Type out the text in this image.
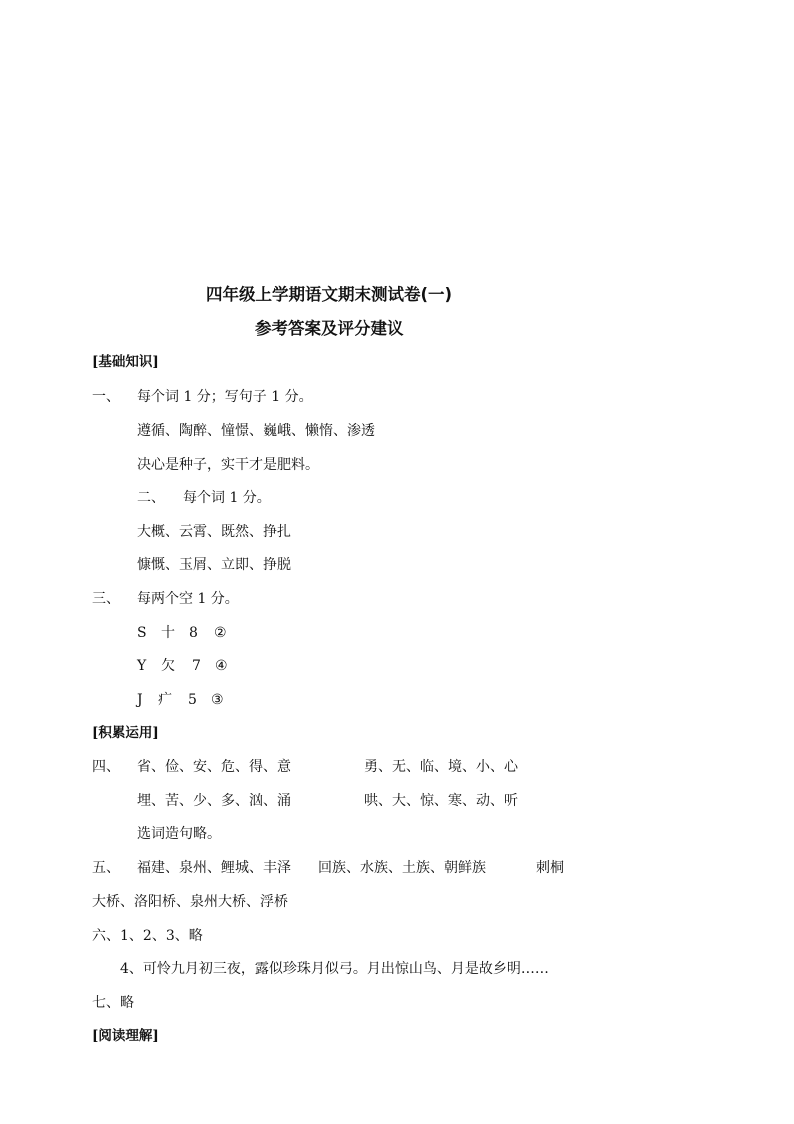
四年级上学期语文期末测试卷(一)
参考答案及评分建议
[基础知识]
一、 每个词 1 分；写句子 1 分。
遵循、陶醉、憧憬、巍峨、懒惰、渗透
决心是种子，实干才是肥料。
二、 每个词 1 分。
大概、云霄、既然、挣扎
慷慨、玉屑、立即、挣脱
三、 每两个空 1 分。
S 十 8 ②
Y 欠 7 ④
J 疒 5 ③
[积累运用]
四、 省、俭、安、危、得、意	勇、无、临、境、小、心
埋、苦、少、多、汹、涌	哄、大、惊、寒、动、听
选词造句略。
五、 福建、泉州、鲤城、丰泽 回族、水族、土族、朝鲜族	刺桐
大桥、洛阳桥、泉州大桥、浮桥
六、1、2、3、略
4、可怜九月初三夜，露似珍珠月似弓。月出惊山鸟、月是故乡明……
七、略
[阅读理解]
